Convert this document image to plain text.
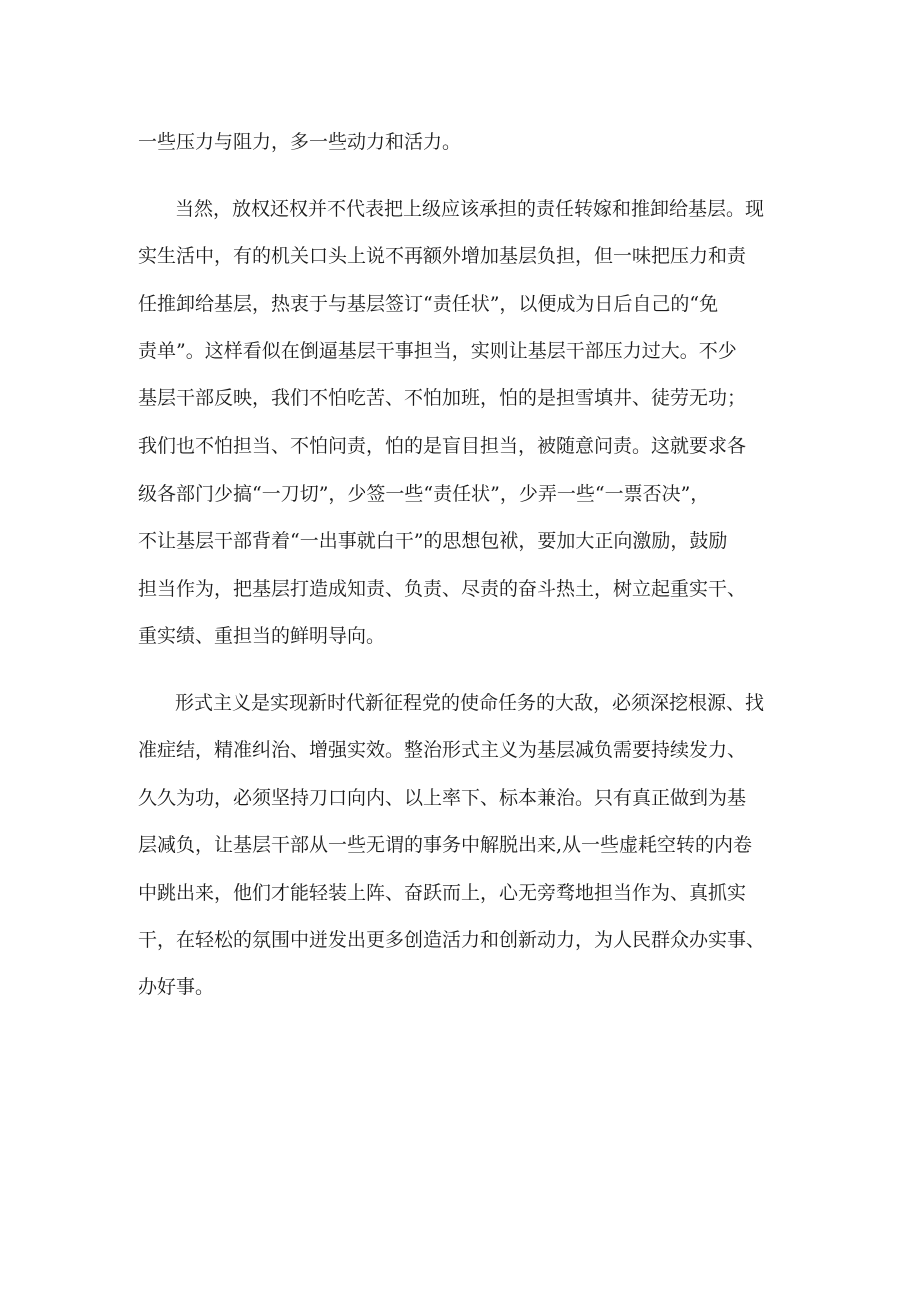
一些压力与阻力，多一些动力和活力。
当然，放权还权并不代表把上级应该承担的责任转嫁和推卸给基层。现
实生活中，有的机关口头上说不再额外增加基层负担，但一味把压力和责
任推卸给基层，热衷于与基层签订“责任状”，以便成为日后自己的“免
责单”。这样看似在倒逼基层干事担当，实则让基层干部压力过大。不少
基层干部反映，我们不怕吃苦、不怕加班，怕的是担雪填井、徒劳无功；
我们也不怕担当、不怕问责，怕的是盲目担当，被随意问责。这就要求各
级各部门少搞“一刀切”，少签一些“责任状”，少弄一些“一票否决”，
不让基层干部背着“一出事就白干”的思想包袱，要加大正向激励，鼓励
担当作为，把基层打造成知责、负责、尽责的奋斗热土，树立起重实干、
重实绩、重担当的鲜明导向。
形式主义是实现新时代新征程党的使命任务的大敌，必须深挖根源、找
准症结，精准纠治、增强实效。整治形式主义为基层减负需要持续发力、
久久为功，必须坚持刀口向内、以上率下、标本兼治。只有真正做到为基
层减负，让基层干部从一些无谓的事务中解脱出来,从一些虚耗空转的内卷
中跳出来，他们才能轻装上阵、奋跃而上，心无旁骛地担当作为、真抓实
干，在轻松的氛围中迸发出更多创造活力和创新动力，为人民群众办实事、
办好事。
